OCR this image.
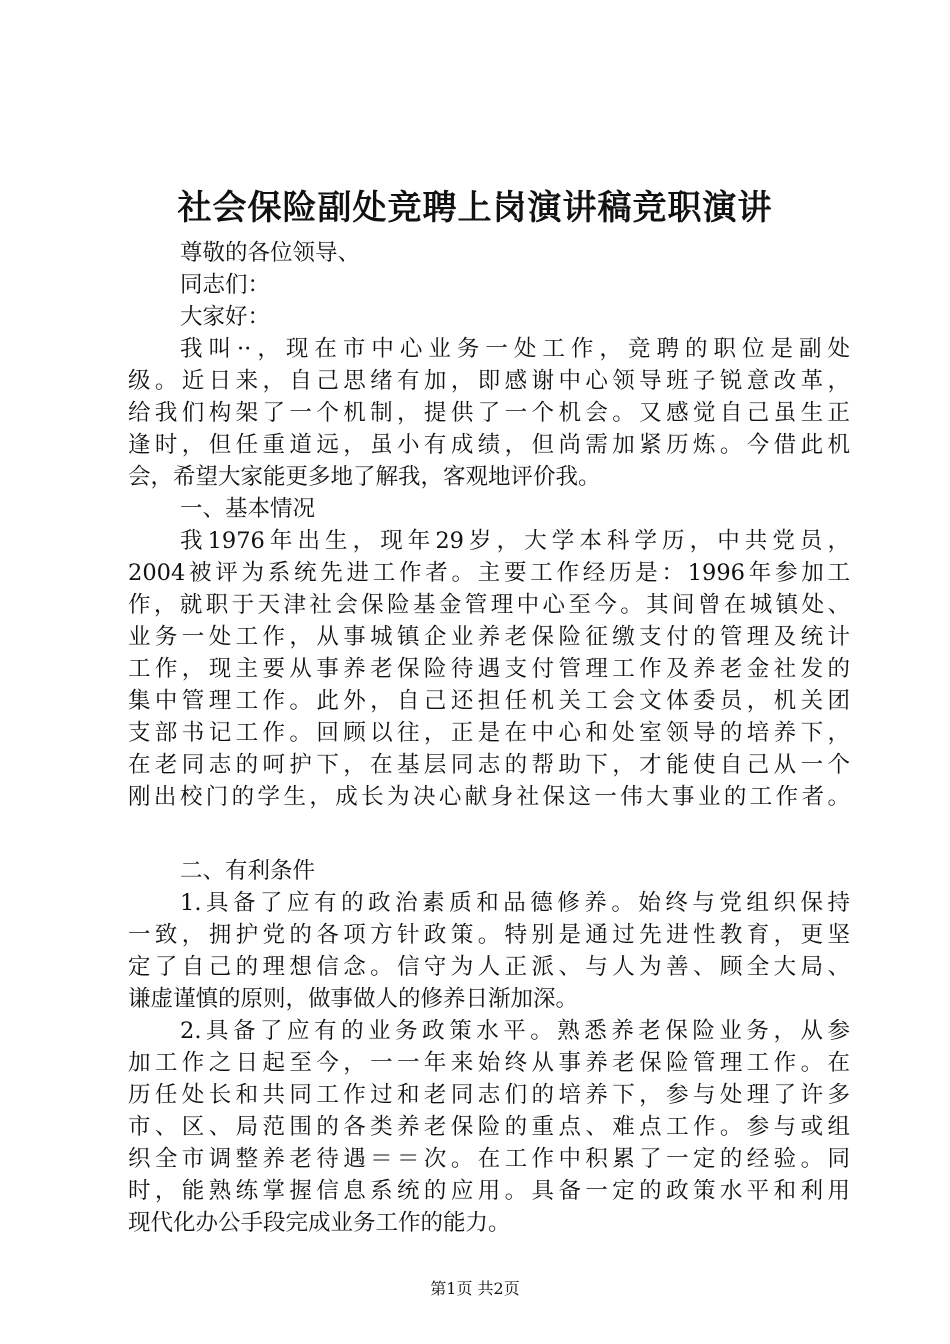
社会保险副处竞聘上岗演讲稿竞职演讲
尊敬的各位领导、
同志们：
大家好：
我叫··，现在市中心业务一处工作，竞聘的职位是副处
级。近日来，自己思绪有加，即感谢中心领导班子锐意改革，
给我们构架了一个机制，提供了一个机会。又感觉自己虽生正
逢时，但任重道远，虽小有成绩，但尚需加紧历炼。今借此机
会，希望大家能更多地了解我，客观地评价我。
一、基本情况
我1976年出生，现年29岁，大学本科学历，中共党员，
2004被评为系统先进工作者。主要工作经历是：1996年参加工
作，就职于天津社会保险基金管理中心至今。其间曾在城镇处、
业务一处工作，从事城镇企业养老保险征缴支付的管理及统计
工作，现主要从事养老保险待遇支付管理工作及养老金社发的
集中管理工作。此外，自己还担任机关工会文体委员，机关团
支部书记工作。回顾以往，正是在中心和处室领导的培养下，
在老同志的呵护下，在基层同志的帮助下，才能使自己从一个
刚出校门的学生，成长为决心献身社保这一伟大事业的工作者。
二、有利条件
1.具备了应有的政治素质和品德修养。始终与党组织保持
一致，拥护党的各项方针政策。特别是通过先进性教育，更坚
定了自己的理想信念。信守为人正派、与人为善、顾全大局、
谦虚谨慎的原则，做事做人的修养日渐加深。
2.具备了应有的业务政策水平。熟悉养老保险业务，从参
加工作之日起至今，一一年来始终从事养老保险管理工作。在
历任处长和共同工作过和老同志们的培养下，参与处理了许多
市、区、局范围的各类养老保险的重点、难点工作。参与或组
织全市调整养老待遇＝＝次。在工作中积累了一定的经验。同
时，能熟练掌握信息系统的应用。具备一定的政策水平和利用
现代化办公手段完成业务工作的能力。
第1页 共2页
